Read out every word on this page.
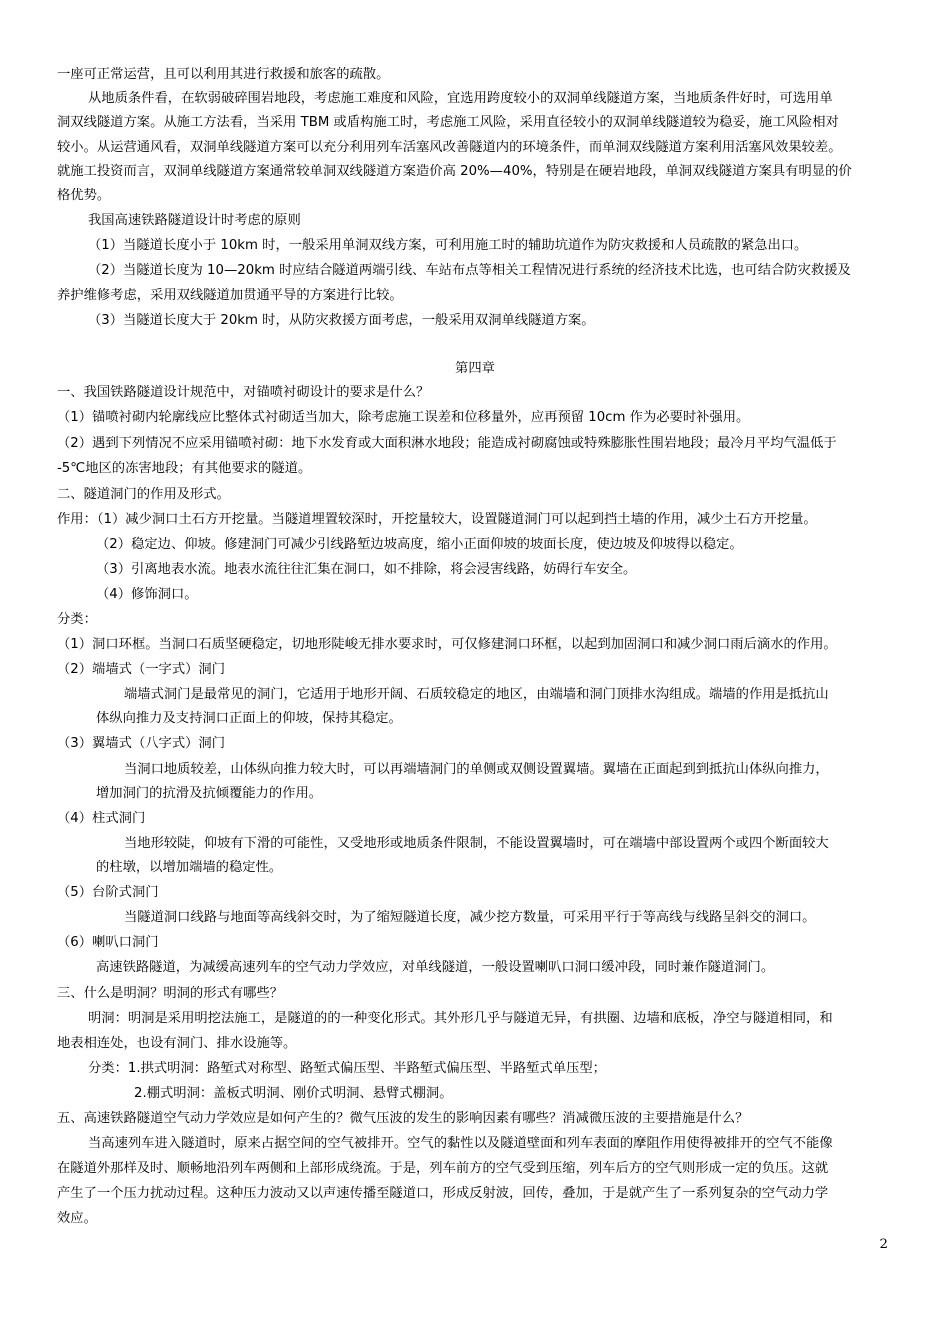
一座可正常运营，且可以利用其进行救援和旅客的疏散。
从地质条件看，在软弱破碎围岩地段，考虑施工难度和风险，宜选用跨度较小的双洞单线隧道方案，当地质条件好时，可选用单
洞双线隧道方案。从施工方法看，当采用 TBM 或盾构施工时，考虑施工风险，采用直径较小的双洞单线隧道较为稳妥，施工风险相对
较小。从运营通风看，双洞单线隧道方案可以充分利用列车活塞风改善隧道内的环境条件，而单洞双线隧道方案利用活塞风效果较差。
就施工投资而言，双洞单线隧道方案通常较单洞双线隧道方案造价高 20%—40%，特别是在硬岩地段，单洞双线隧道方案具有明显的价
格优势。
我国高速铁路隧道设计时考虑的原则
（1）当隧道长度小于 10km 时，一般采用单洞双线方案，可利用施工时的辅助坑道作为防灾救援和人员疏散的紧急出口。
（2）当隧道长度为 10—20km 时应结合隧道两端引线、车站布点等相关工程情况进行系统的经济技术比选，也可结合防灾救援及
养护维修考虑，采用双线隧道加贯通平导的方案进行比较。
（3）当隧道长度大于 20km 时，从防灾救援方面考虑，一般采用双洞单线隧道方案。
第四章
一、我国铁路隧道设计规范中，对锚喷衬砌设计的要求是什么？
（1）锚喷衬砌内轮廓线应比整体式衬砌适当加大，除考虑施工误差和位移量外，应再预留 10cm 作为必要时补强用。
（2）遇到下列情况不应采用锚喷衬砌：地下水发育或大面积淋水地段；能造成衬砌腐蚀或特殊膨胀性围岩地段；最冷月平均气温低于
-5℃地区的冻害地段；有其他要求的隧道。
二、隧道洞门的作用及形式。
作用：（1）减少洞口土石方开挖量。当隧道埋置较深时，开挖量较大，设置隧道洞门可以起到挡土墙的作用，减少土石方开挖量。
（2）稳定边、仰坡。修建洞门可减少引线路堑边坡高度，缩小正面仰坡的坡面长度，使边坡及仰坡得以稳定。
（3）引离地表水流。地表水流往往汇集在洞口，如不排除，将会浸害线路，妨碍行车安全。
（4）修饰洞口。
分类：
（1）洞口环框。当洞口石质坚硬稳定，切地形陡峻无排水要求时，可仅修建洞口环框，以起到加固洞口和减少洞口雨后滴水的作用。
（2）端墙式（一字式）洞门
端墙式洞门是最常见的洞门，它适用于地形开阔、石质较稳定的地区，由端墙和洞门顶排水沟组成。端墙的作用是抵抗山
体纵向推力及支持洞口正面上的仰坡，保持其稳定。
（3）翼墙式（八字式）洞门
当洞口地质较差，山体纵向推力较大时，可以再端墙洞门的单侧或双侧设置翼墙。翼墙在正面起到到抵抗山体纵向推力，
增加洞门的抗滑及抗倾覆能力的作用。
（4）柱式洞门
当地形较陡，仰坡有下滑的可能性，又受地形或地质条件限制，不能设置翼墙时，可在端墙中部设置两个或四个断面较大
的柱墩，以增加端墙的稳定性。
（5）台阶式洞门
当隧道洞口线路与地面等高线斜交时，为了缩短隧道长度，减少挖方数量，可采用平行于等高线与线路呈斜交的洞口。
（6）喇叭口洞门
高速铁路隧道，为减缓高速列车的空气动力学效应，对单线隧道，一般设置喇叭口洞口缓冲段，同时兼作隧道洞门。
三、什么是明洞？明洞的形式有哪些？
明洞：明洞是采用明挖法施工，是隧道的的一种变化形式。其外形几乎与隧道无异，有拱圈、边墙和底板，净空与隧道相同，和
地表相连处，也设有洞门、排水设施等。
分类：1.拱式明洞：路堑式对称型、路堑式偏压型、半路堑式偏压型、半路堑式单压型；
2.棚式明洞：盖板式明洞、刚价式明洞、悬臂式棚洞。
五、高速铁路隧道空气动力学效应是如何产生的？微气压波的发生的影响因素有哪些？消减微压波的主要措施是什么？
当高速列车进入隧道时，原来占据空间的空气被排开。空气的黏性以及隧道壁面和列车表面的摩阻作用使得被排开的空气不能像
在隧道外那样及时、顺畅地沿列车两侧和上部形成绕流。于是，列车前方的空气受到压缩，列车后方的空气则形成一定的负压。这就
产生了一个压力扰动过程。这种压力波动又以声速传播至隧道口，形成反射波，回传，叠加，于是就产生了一系列复杂的空气动力学
效应。
2
